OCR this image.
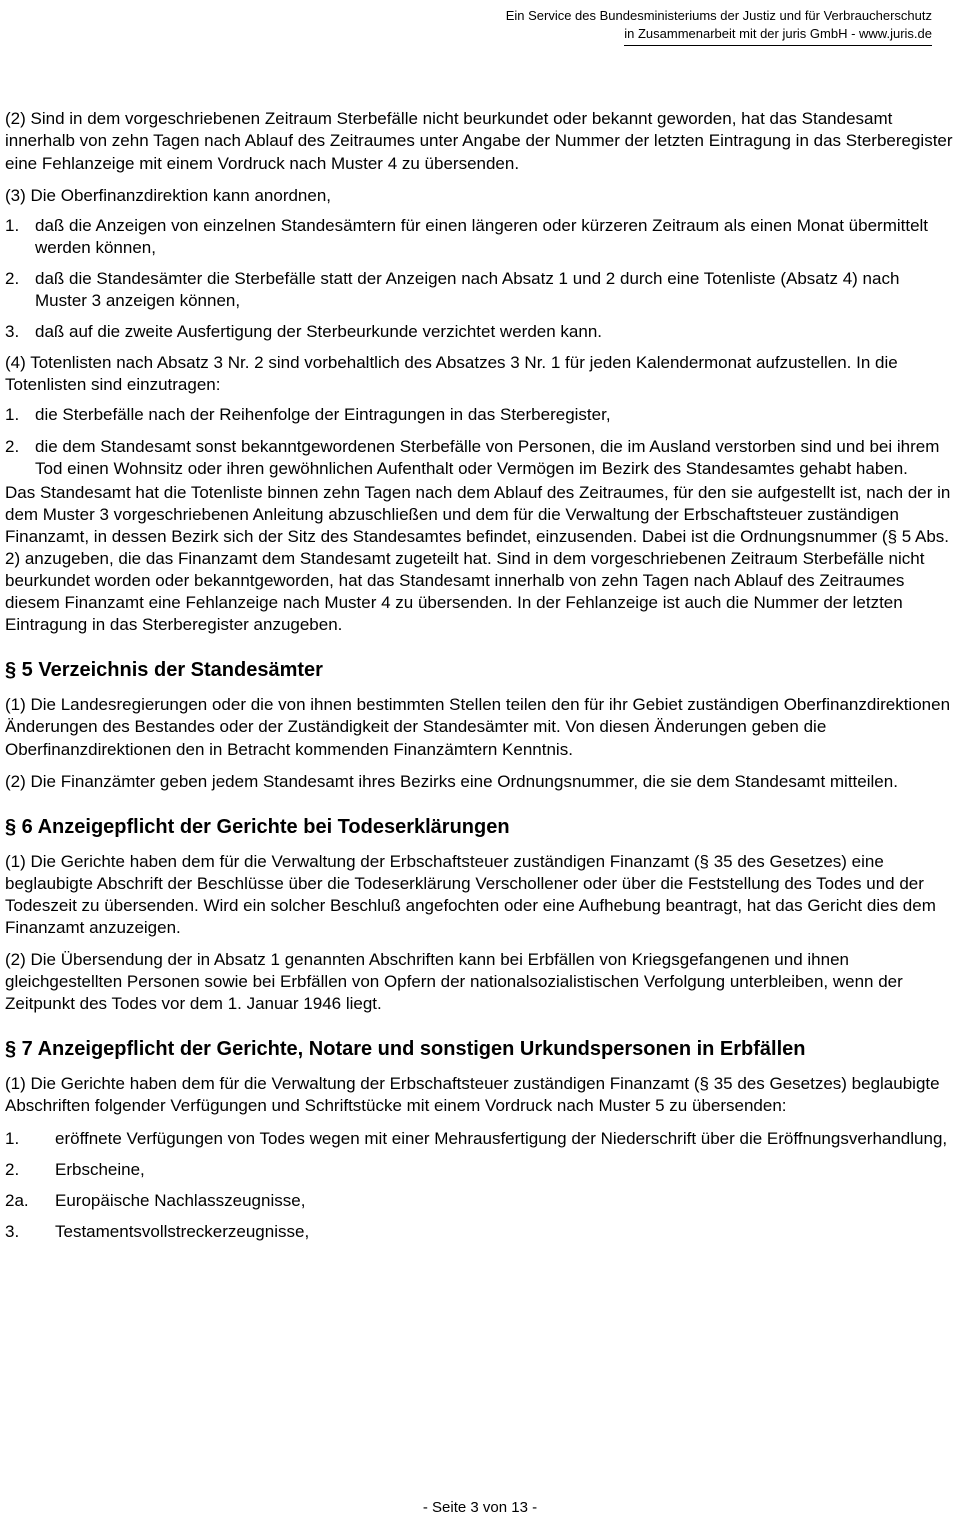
Ein Service des Bundesministeriums der Justiz und für Verbraucherschutz
in Zusammenarbeit mit der juris GmbH - www.juris.de

(2) Sind in dem vorgeschriebenen Zeitraum Sterbefälle nicht beurkundet oder bekannt geworden, hat das Standesamt innerhalb von zehn Tagen nach Ablauf des Zeitraumes unter Angabe der Nummer der letzten Eintragung in das Sterberegister eine Fehlanzeige mit einem Vordruck nach Muster 4 zu übersenden.

(3) Die Oberfinanzdirektion kann anordnen,

1. daß die Anzeigen von einzelnen Standesämtern für einen längeren oder kürzeren Zeitraum als einen Monat übermittelt werden können,
2. daß die Standesämter die Sterbefälle statt der Anzeigen nach Absatz 1 und 2 durch eine Totenliste (Absatz 4) nach Muster 3 anzeigen können,
3. daß auf die zweite Ausfertigung der Sterbeurkunde verzichtet werden kann.

(4) Totenlisten nach Absatz 3 Nr. 2 sind vorbehaltlich des Absatzes 3 Nr. 1 für jeden Kalendermonat aufzustellen. In die Totenlisten sind einzutragen:

1. die Sterbefälle nach der Reihenfolge der Eintragungen in das Sterberegister,
2. die dem Standesamt sonst bekanntgewordenen Sterbefälle von Personen, die im Ausland verstorben sind und bei ihrem Tod einen Wohnsitz oder ihren gewöhnlichen Aufenthalt oder Vermögen im Bezirk des Standesamtes gehabt haben.

Das Standesamt hat die Totenliste binnen zehn Tagen nach dem Ablauf des Zeitraumes, für den sie aufgestellt ist, nach der in dem Muster 3 vorgeschriebenen Anleitung abzuschließen und dem für die Verwaltung der Erbschaftsteuer zuständigen Finanzamt, in dessen Bezirk sich der Sitz des Standesamtes befindet, einzusenden. Dabei ist die Ordnungsnummer (§ 5 Abs. 2) anzugeben, die das Finanzamt dem Standesamt zugeteilt hat. Sind in dem vorgeschriebenen Zeitraum Sterbefälle nicht beurkundet worden oder bekanntgeworden, hat das Standesamt innerhalb von zehn Tagen nach Ablauf des Zeitraumes diesem Finanzamt eine Fehlanzeige nach Muster 4 zu übersenden. In der Fehlanzeige ist auch die Nummer der letzten Eintragung in das Sterberegister anzugeben.

§ 5 Verzeichnis der Standesämter

(1) Die Landesregierungen oder die von ihnen bestimmten Stellen teilen den für ihr Gebiet zuständigen Oberfinanzdirektionen Änderungen des Bestandes oder der Zuständigkeit der Standesämter mit. Von diesen Änderungen geben die Oberfinanzdirektionen den in Betracht kommenden Finanzämtern Kenntnis.

(2) Die Finanzämter geben jedem Standesamt ihres Bezirks eine Ordnungsnummer, die sie dem Standesamt mitteilen.

§ 6 Anzeigepflicht der Gerichte bei Todeserklärungen

(1) Die Gerichte haben dem für die Verwaltung der Erbschaftsteuer zuständigen Finanzamt (§ 35 des Gesetzes) eine beglaubigte Abschrift der Beschlüsse über die Todeserklärung Verschollener oder über die Feststellung des Todes und der Todeszeit zu übersenden. Wird ein solcher Beschluß angefochten oder eine Aufhebung beantragt, hat das Gericht dies dem Finanzamt anzuzeigen.

(2) Die Übersendung der in Absatz 1 genannten Abschriften kann bei Erbfällen von Kriegsgefangenen und ihnen gleichgestellten Personen sowie bei Erbfällen von Opfern der nationalsozialistischen Verfolgung unterbleiben, wenn der Zeitpunkt des Todes vor dem 1. Januar 1946 liegt.

§ 7 Anzeigepflicht der Gerichte, Notare und sonstigen Urkundspersonen in Erbfällen

(1) Die Gerichte haben dem für die Verwaltung der Erbschaftsteuer zuständigen Finanzamt (§ 35 des Gesetzes) beglaubigte Abschriften folgender Verfügungen und Schriftstücke mit einem Vordruck nach Muster 5 zu übersenden:

1.	eröffnete Verfügungen von Todes wegen mit einer Mehrausfertigung der Niederschrift über die Eröffnungsverhandlung,
2.	Erbscheine,
2a.	Europäische Nachlasszeugnisse,
3.	Testamentsvollstreckerzeugnisse,
- Seite 3 von 13 -
